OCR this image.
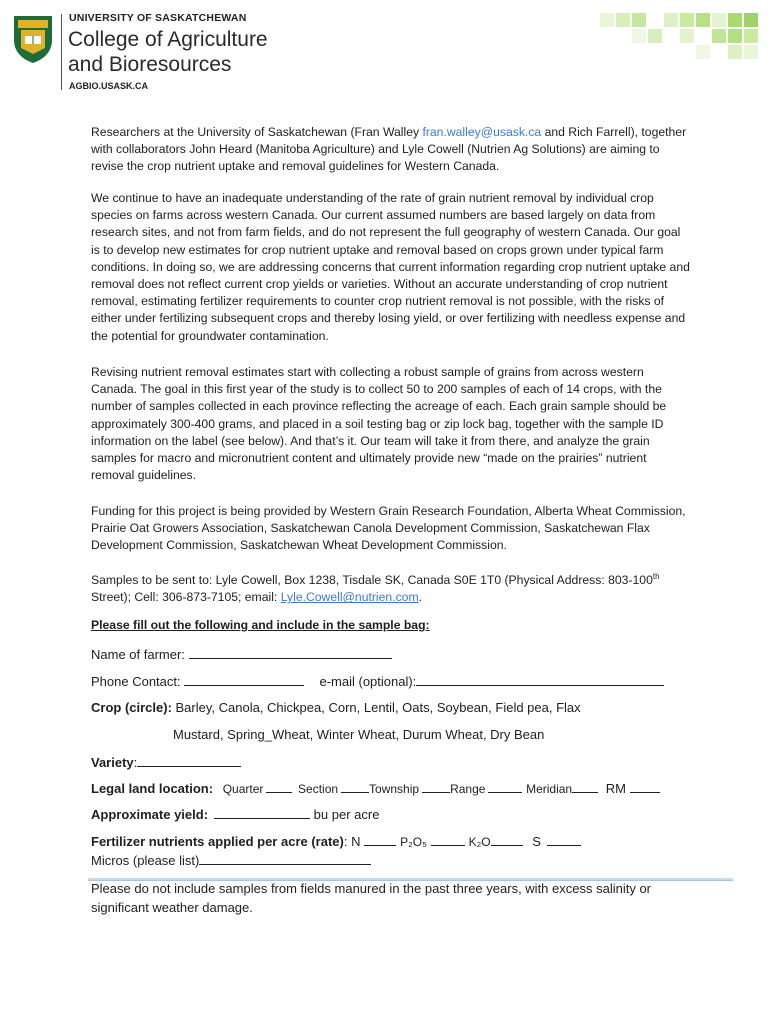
UNIVERSITY OF SASKATCHEWAN
College of Agriculture
and Bioresources
AGBIO.USASK.CA
Researchers at the University of Saskatchewan (Fran Walley fran.walley@usask.ca and Rich Farrell), together with collaborators John Heard (Manitoba Agriculture) and Lyle Cowell (Nutrien Ag Solutions) are aiming to revise the crop nutrient uptake and removal guidelines for Western Canada.
We continue to have an inadequate understanding of the rate of grain nutrient removal by individual crop species on farms across western Canada. Our current assumed numbers are based largely on data from research sites, and not from farm fields, and do not represent the full geography of western Canada. Our goal is to develop new estimates for crop nutrient uptake and removal based on crops grown under typical farm conditions. In doing so, we are addressing concerns that current information regarding crop nutrient uptake and removal does not reflect current crop yields or varieties. Without an accurate understanding of crop nutrient removal, estimating fertilizer requirements to counter crop nutrient removal is not possible, with the risks of either under fertilizing subsequent crops and thereby losing yield, or over fertilizing with needless expense and the potential for groundwater contamination.
Revising nutrient removal estimates start with collecting a robust sample of grains from across western Canada. The goal in this first year of the study is to collect 50 to 200 samples of each of 14 crops, with the number of samples collected in each province reflecting the acreage of each. Each grain sample should be approximately 300-400 grams, and placed in a soil testing bag or zip lock bag, together with the sample ID information on the label (see below). And that’s it. Our team will take it from there, and analyze the grain samples for macro and micronutrient content and ultimately provide new “made on the prairies” nutrient removal guidelines.
Funding for this project is being provided by Western Grain Research Foundation, Alberta Wheat Commission, Prairie Oat Growers Association, Saskatchewan Canola Development Commission, Saskatchewan Flax Development Commission, Saskatchewan Wheat Development Commission.
Samples to be sent to: Lyle Cowell, Box 1238, Tisdale SK, Canada S0E 1T0 (Physical Address: 803-100th Street); Cell: 306-873-7105; email: Lyle.Cowell@nutrien.com.
Please fill out the following and include in the sample bag:
Name of farmer:
Phone Contact:	e-mail (optional):
Crop (circle): Barley, Canola, Chickpea, Corn, Lentil, Oats, Soybean, Field pea, Flax
Mustard, Spring_Wheat, Winter Wheat, Durum Wheat, Dry Bean
Variety:
Legal land location: Quarter	Section	Township	Range	Meridian	RM
Approximate yield:	bu per acre
Fertilizer nutrients applied per acre (rate): N	P₂O₅	K₂O	S
Micros (please list)
Please do not include samples from fields manured in the past three years, with excess salinity or significant weather damage.
